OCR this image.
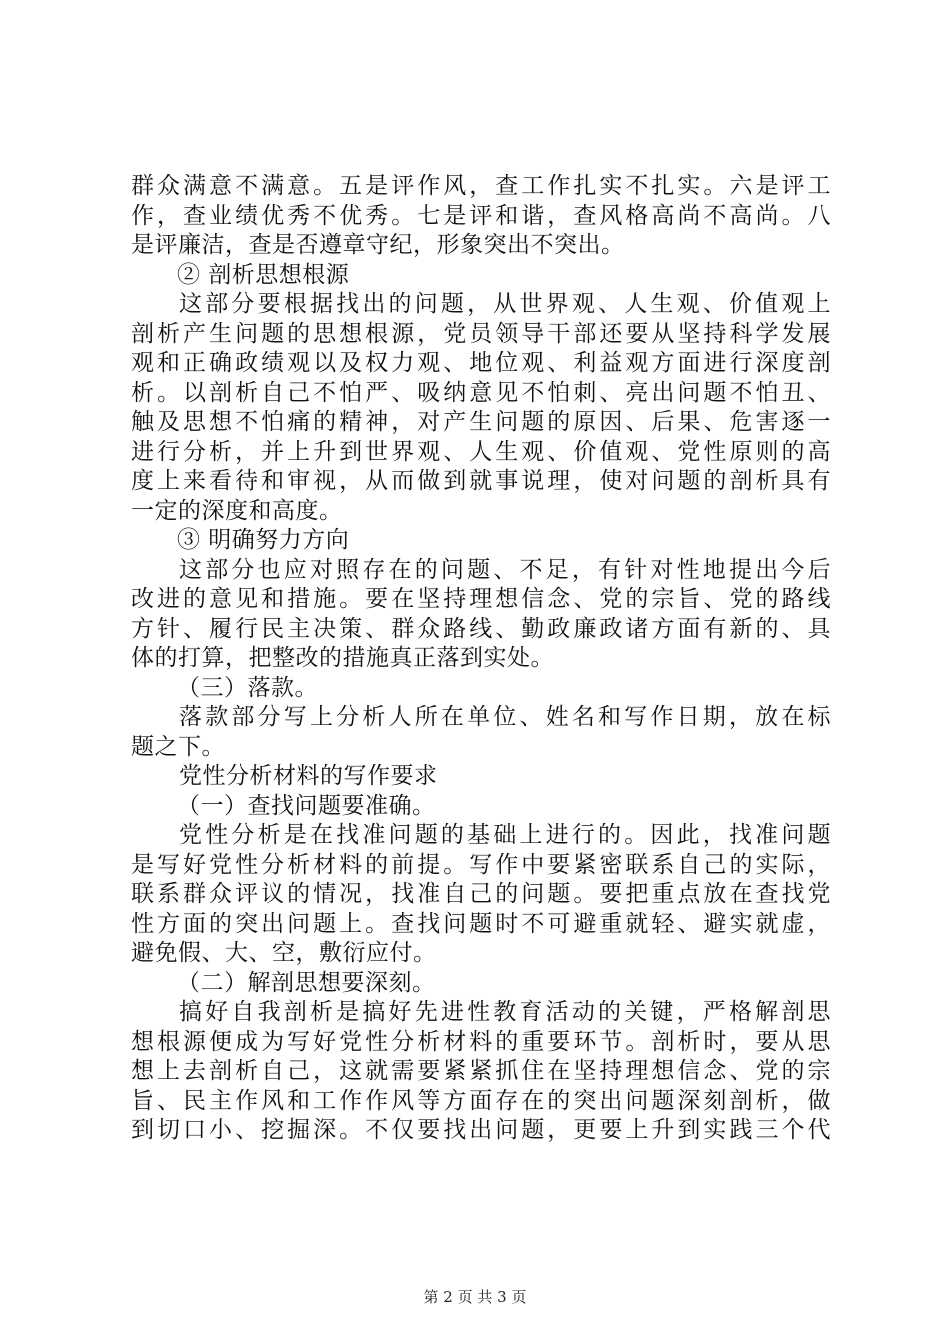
群众满意不满意。五是评作风，查工作扎实不扎实。六是评工
作，查业绩优秀不优秀。七是评和谐，查风格高尚不高尚。八
是评廉洁，查是否遵章守纪，形象突出不突出。
② 剖析思想根源
这部分要根据找出的问题，从世界观、人生观、价值观上
剖析产生问题的思想根源，党员领导干部还要从坚持科学发展
观和正确政绩观以及权力观、地位观、利益观方面进行深度剖
析。以剖析自己不怕严、吸纳意见不怕刺、亮出问题不怕丑、
触及思想不怕痛的精神，对产生问题的原因、后果、危害逐一
进行分析，并上升到世界观、人生观、价值观、党性原则的高
度上来看待和审视，从而做到就事说理，使对问题的剖析具有
一定的深度和高度。
③ 明确努力方向
这部分也应对照存在的问题、不足，有针对性地提出今后
改进的意见和措施。要在坚持理想信念、党的宗旨、党的路线
方针、履行民主决策、群众路线、勤政廉政诸方面有新的、具
体的打算，把整改的措施真正落到实处。
（三）落款。
落款部分写上分析人所在单位、姓名和写作日期，放在标
题之下。
党性分析材料的写作要求
（一）查找问题要准确。
党性分析是在找准问题的基础上进行的。因此，找准问题
是写好党性分析材料的前提。写作中要紧密联系自己的实际，
联系群众评议的情况，找准自己的问题。要把重点放在查找党
性方面的突出问题上。查找问题时不可避重就轻、避实就虚，
避免假、大、空，敷衍应付。
（二）解剖思想要深刻。
搞好自我剖析是搞好先进性教育活动的关键，严格解剖思
想根源便成为写好党性分析材料的重要环节。剖析时，要从思
想上去剖析自己，这就需要紧紧抓住在坚持理想信念、党的宗
旨、民主作风和工作作风等方面存在的突出问题深刻剖析，做
到切口小、挖掘深。不仅要找出问题，更要上升到实践三个代
第 2 页 共 3 页
